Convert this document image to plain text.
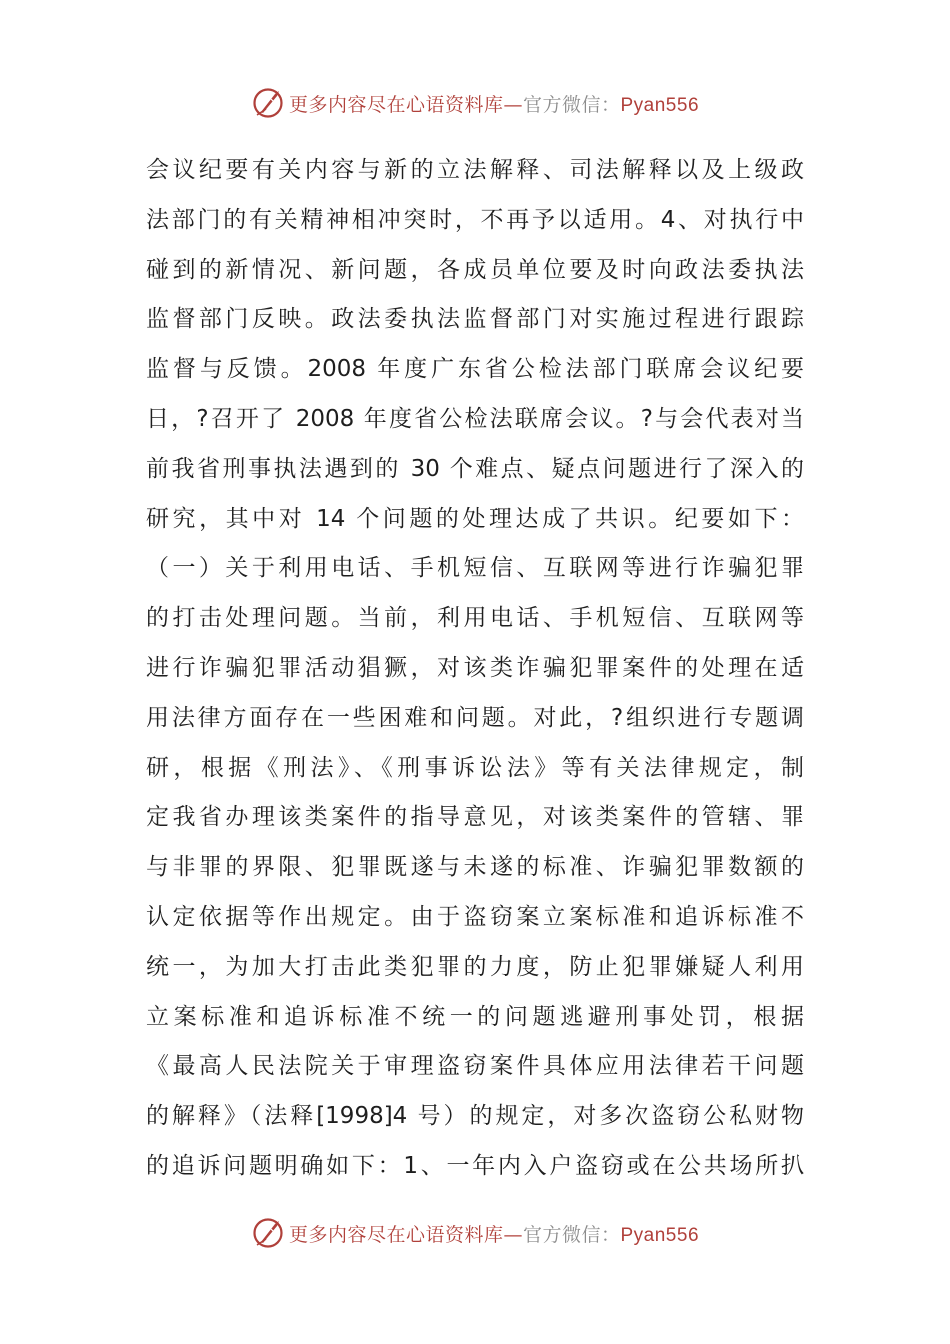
更多内容尽在心语资料库—官方微信：Pyan556
会议纪要有关内容与新的立法解释、司法解释以及上级政
法部门的有关精神相冲突时，不再予以适用。4、对执行中
碰到的新情况、新问题，各成员单位要及时向政法委执法
监督部门反映。政法委执法监督部门对实施过程进行跟踪
监督与反馈。2008 年度广东省公检法部门联席会议纪要
日，?召开了 2008 年度省公检法联席会议。?与会代表对当
前我省刑事执法遇到的 30 个难点、疑点问题进行了深入的
研究，其中对 14 个问题的处理达成了共识。纪要如下：
（一）关于利用电话、手机短信、互联网等进行诈骗犯罪
的打击处理问题。当前，利用电话、手机短信、互联网等
进行诈骗犯罪活动猖獗，对该类诈骗犯罪案件的处理在适
用法律方面存在一些困难和问题。对此，?组织进行专题调
研，根据《刑法》、《刑事诉讼法》等有关法律规定，制
定我省办理该类案件的指导意见，对该类案件的管辖、罪
与非罪的界限、犯罪既遂与未遂的标准、诈骗犯罪数额的
认定依据等作出规定。由于盗窃案立案标准和追诉标准不
统一，为加大打击此类犯罪的力度，防止犯罪嫌疑人利用
立案标准和追诉标准不统一的问题逃避刑事处罚，根据
《最高人民法院关于审理盗窃案件具体应用法律若干问题
的解释》（法释[1998]4 号）的规定，对多次盗窃公私财物
的追诉问题明确如下：1、一年内入户盗窃或在公共场所扒
更多内容尽在心语资料库—官方微信：Pyan556
